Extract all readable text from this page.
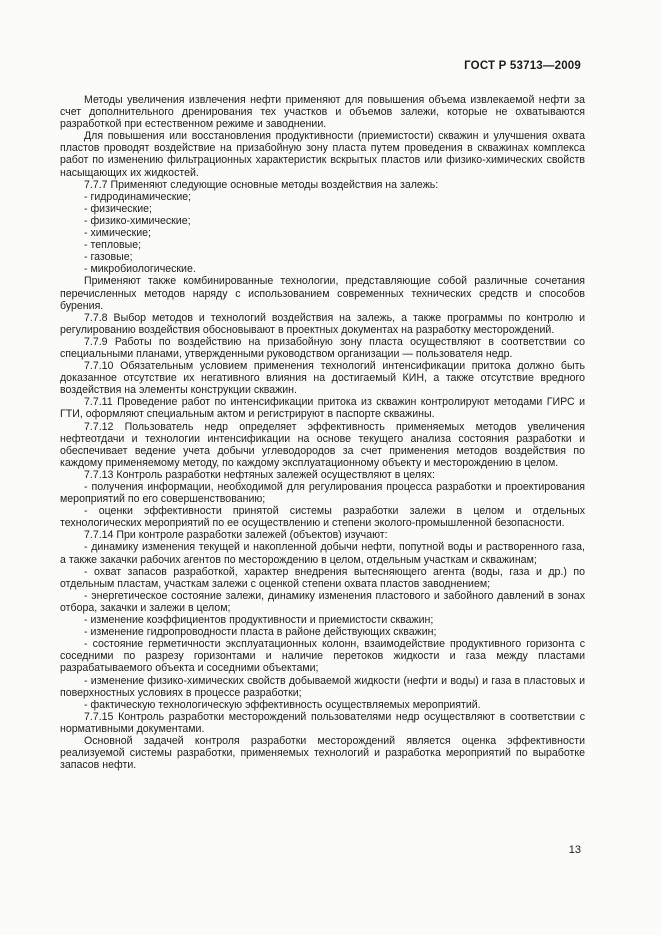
ГОСТ Р 53713—2009

Методы увеличения извлечения нефти применяют для повышения объема извлекаемой нефти за счет дополнительного дренирования тех участков и объемов залежи, которые не охватываются разработкой при естественном режиме и заводнении.

Для повышения или восстановления продуктивности (приемистости) скважин и улучшения охвата пластов проводят воздействие на призабойную зону пласта путем проведения в скважинах комплекса работ по изменению фильтрационных характеристик вскрытых пластов или физико-химических свойств насыщающих их жидкостей.

7.7.7 Применяют следующие основные методы воздействия на залежь:

- гидродинамические;

- физические;

- физико-химические;

- химические;

- тепловые;

- газовые;

- микробиологические.

Применяют также комбинированные технологии, представляющие собой различные сочетания перечисленных методов наряду с использованием современных технических средств и способов бурения.

7.7.8 Выбор методов и технологий воздействия на залежь, а также программы по контролю и регулированию воздействия обосновывают в проектных документах на разработку месторождений.

7.7.9 Работы по воздействию на призабойную зону пласта осуществляют в соответствии со специальными планами, утвержденными руководством организации — пользователя недр.

7.7.10 Обязательным условием применения технологий интенсификации притока должно быть доказанное отсутствие их негативного влияния на достигаемый КИН, а также отсутствие вредного воздействия на элементы конструкции скважин.

7.7.11 Проведение работ по интенсификации притока из скважин контролируют методами ГИРС и ГТИ, оформляют специальным актом и регистрируют в паспорте скважины.

7.7.12 Пользователь недр определяет эффективность применяемых методов увеличения нефтеотдачи и технологии интенсификации на основе текущего анализа состояния разработки и обеспечивает ведение учета добычи углеводородов за счет применения методов воздействия по каждому применяемому методу, по каждому эксплуатационному объекту и месторождению в целом.

7.7.13 Контроль разработки нефтяных залежей осуществляют в целях:

- получения информации, необходимой для регулирования процесса разработки и проектирования мероприятий по его совершенствованию;

- оценки эффективности принятой системы разработки залежи в целом и отдельных технологических мероприятий по ее осуществлению и степени эколого-промышленной безопасности.

7.7.14 При контроле разработки залежей (объектов) изучают:

- динамику изменения текущей и накопленной добычи нефти, попутной воды и растворенного газа, а также закачки рабочих агентов по месторождению в целом, отдельным участкам и скважинам;

- охват запасов разработкой, характер внедрения вытесняющего агента (воды, газа и др.) по отдельным пластам, участкам залежи с оценкой степени охвата пластов заводнением;

- энергетическое состояние залежи, динамику изменения пластового и забойного давлений в зонах отбора, закачки и залежи в целом;

- изменение коэффициентов продуктивности и приемистости скважин;

- изменение гидропроводности пласта в районе действующих скважин;

- состояние герметичности эксплуатационных колонн, взаимодействие продуктивного горизонта с соседними по разрезу горизонтами и наличие перетоков жидкости и газа между пластами разрабатываемого объекта и соседними объектами;

- изменение физико-химических свойств добываемой жидкости (нефти и воды) и газа в пластовых и поверхностных условиях в процессе разработки;

- фактическую технологическую эффективность осуществляемых мероприятий.

7.7.15 Контроль разработки месторождений пользователями недр осуществляют в соответствии с нормативными документами.

Основной задачей контроля разработки месторождений является оценка эффективности реализуемой системы разработки, применяемых технологий и разработка мероприятий по выработке запасов нефти.

13
